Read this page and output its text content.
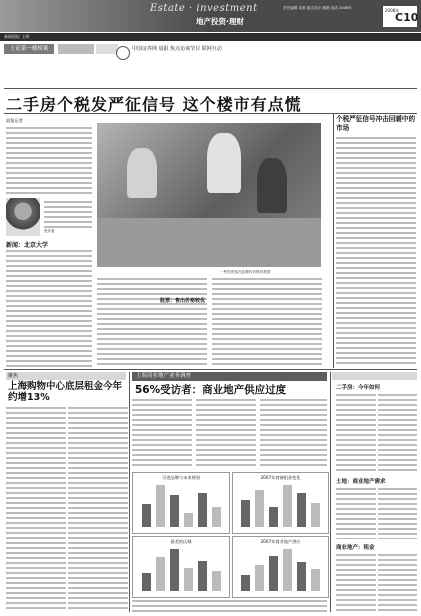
Estate · investment
地产投资·理财
责任编辑 刘承 版式设计 邮箱 电话 2008年	2008年
C10
新闻晨报 上海
上证第一楼榜案	中国证券网 晨报 焦点访谈节目 联网互动
二手房个税发严征信号 这个楼市有点慌
晨报记者
受访者
新闻：北京大学
一些投资客在挂牌时仍保持观望
股票：售出价格较优
个税严征信号冲击回暖中的市场
聚焦
上海购物中心底层租金今年约增13%
上海商业地产业务调查
56%受访者：商业地产供应过度
引进品牌与未来规划	2007年商铺租金变化
最差的区域	2007年商业地产供应
二手房：今年如何
土地：商业地产需求
商业地产：租金
